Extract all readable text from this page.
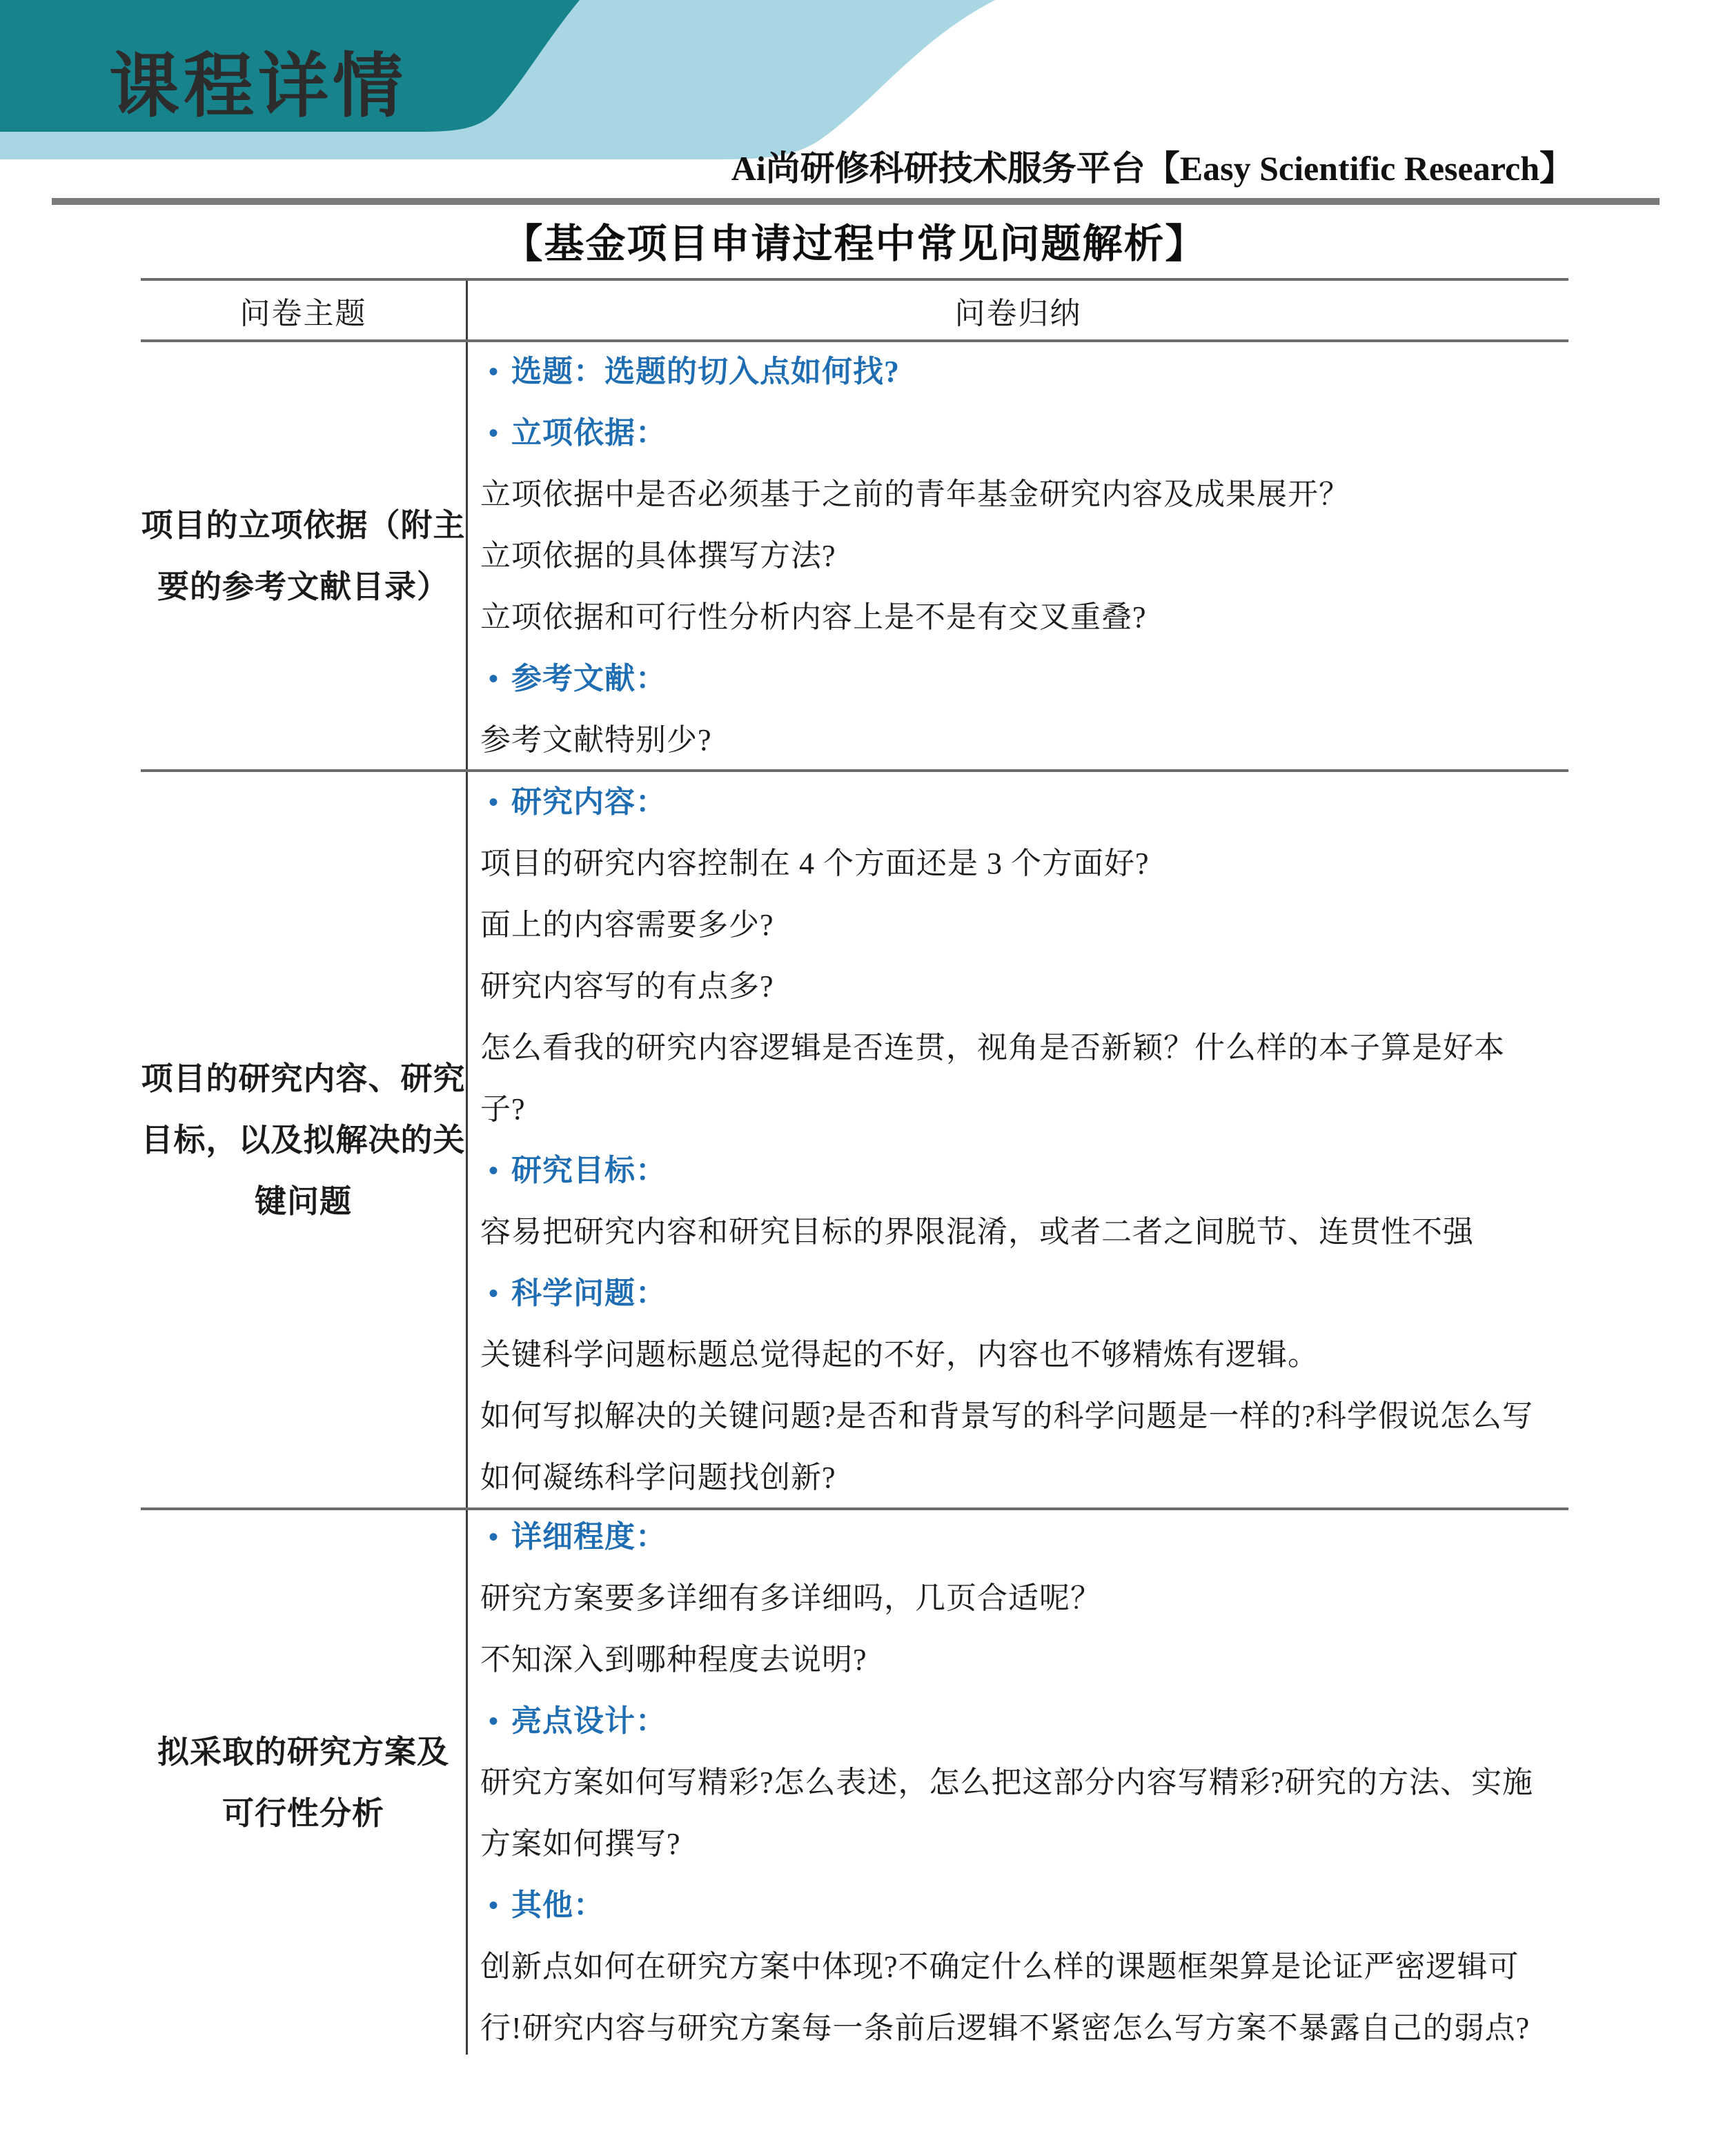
课程详情
Ai尚研修科研技术服务平台【Easy Scientific Research】
【基金项目申请过程中常见问题解析】
问卷主题	问卷归纳
项目的立项依据（附主
要的参考文献目录）
• 选题：选题的切入点如何找?
• 立项依据：
立项依据中是否必须基于之前的青年基金研究内容及成果展开？
立项依据的具体撰写方法?
立项依据和可行性分析内容上是不是有交叉重叠?
• 参考文献：
参考文献特别少?
项目的研究内容、研究
目标，以及拟解决的关
键问题
• 研究内容：
项目的研究内容控制在 4 个方面还是 3 个方面好?
面上的内容需要多少?
研究内容写的有点多?
怎么看我的研究内容逻辑是否连贯，视角是否新颖？什么样的本子算是好本
子?
• 研究目标：
容易把研究内容和研究目标的界限混淆，或者二者之间脱节、连贯性不强
• 科学问题：
关键科学问题标题总觉得起的不好，内容也不够精炼有逻辑。
如何写拟解决的关键问题?是否和背景写的科学问题是一样的?科学假说怎么写
如何凝练科学问题找创新?
拟采取的研究方案及
可行性分析
• 详细程度：
研究方案要多详细有多详细吗，几页合适呢？
不知深入到哪种程度去说明?
• 亮点设计：
研究方案如何写精彩?怎么表述，怎么把这部分内容写精彩?研究的方法、实施
方案如何撰写?
• 其他：
创新点如何在研究方案中体现?不确定什么样的课题框架算是论证严密逻辑可
行!研究内容与研究方案每一条前后逻辑不紧密怎么写方案不暴露自己的弱点?
